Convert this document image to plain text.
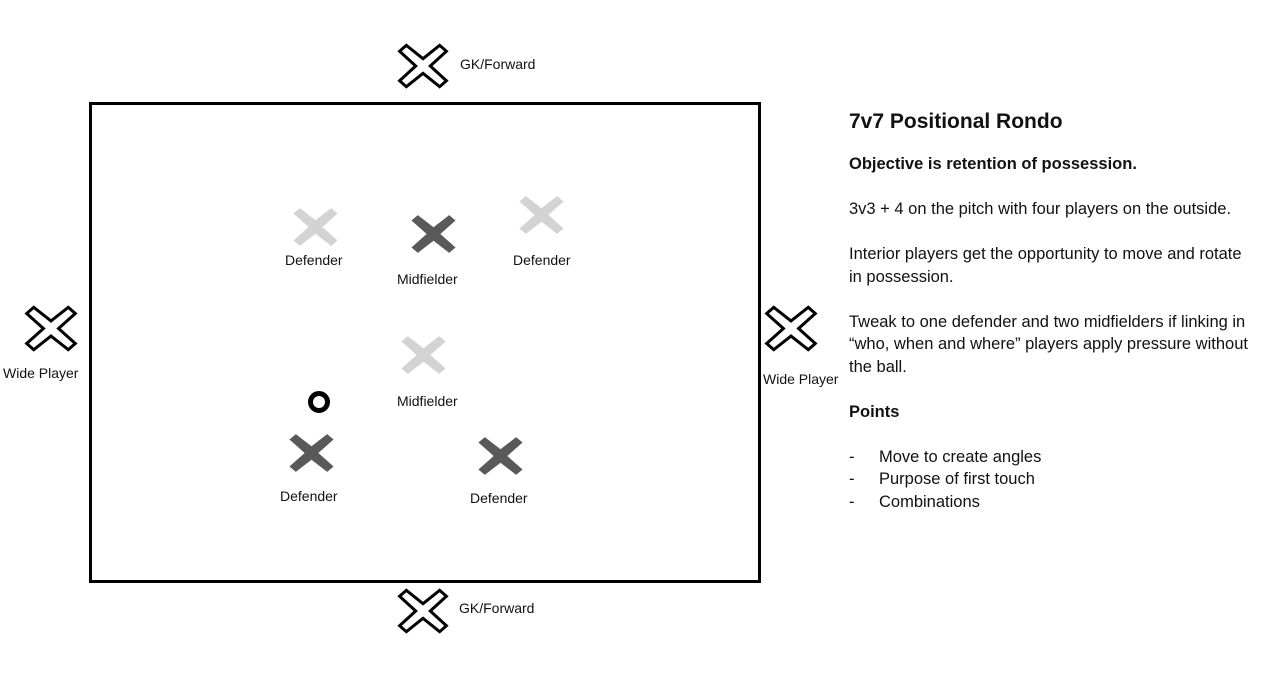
GK/Forward
GK/Forward
Wide Player	Wide Player
Defender
Midfielder
Defender
Midfielder
Defender	Defender
7v7 Positional Rondo

Objective is retention of possession.

3v3 + 4 on the pitch with four players on the outside.

Interior players get the opportunity to move and rotate in possession.

Tweak to one defender and two midfielders if linking in “who, when and where” players apply pressure without the ball.

Points

- Move to create angles
- Purpose of first touch
- Combinations
